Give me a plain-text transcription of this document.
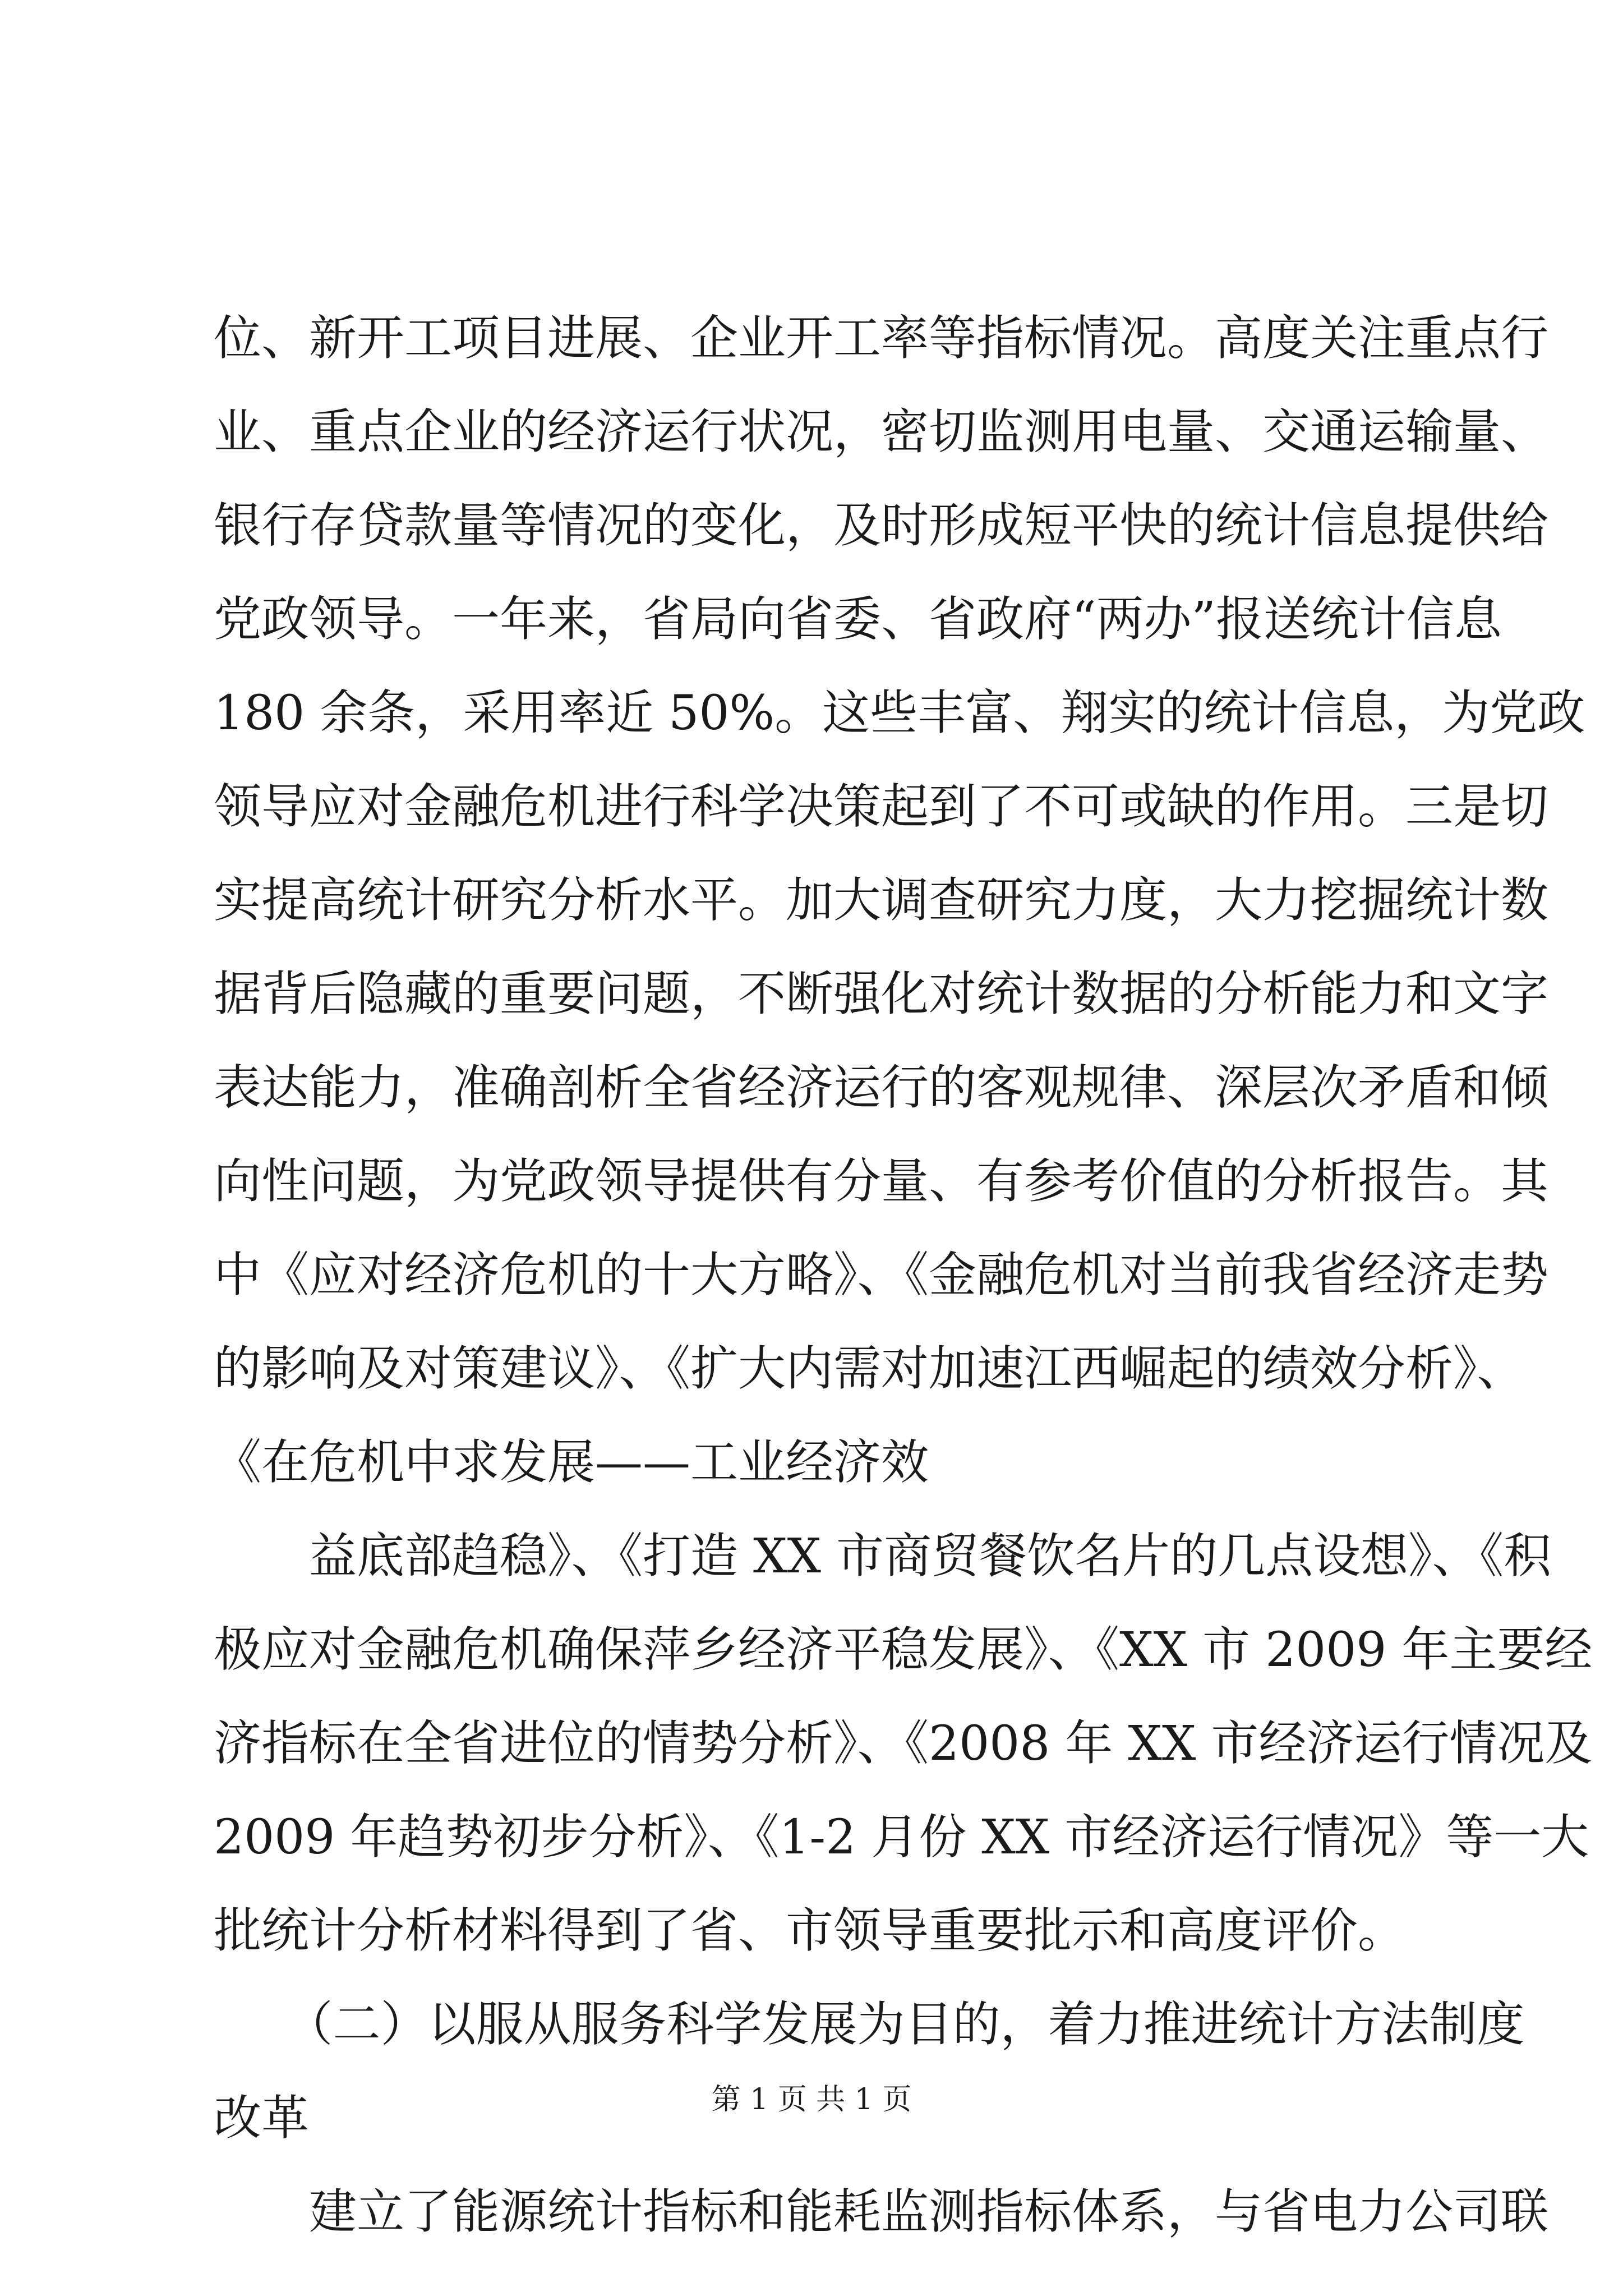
位、新开工项目进展、企业开工率等指标情况。高度关注重点行
业、重点企业的经济运行状况，密切监测用电量、交通运输量、
银行存贷款量等情况的变化，及时形成短平快的统计信息提供给
党政领导。一年来，省局向省委、省政府“两办”报送统计信息
180 余条，采用率近 50%。这些丰富、翔实的统计信息，为党政
领导应对金融危机进行科学决策起到了不可或缺的作用。三是切
实提高统计研究分析水平。加大调查研究力度，大力挖掘统计数
据背后隐藏的重要问题，不断强化对统计数据的分析能力和文字
表达能力，准确剖析全省经济运行的客观规律、深层次矛盾和倾
向性问题，为党政领导提供有分量、有参考价值的分析报告。其
中《应对经济危机的十大方略》、《金融危机对当前我省经济走势
的影响及对策建议》、《扩大内需对加速江西崛起的绩效分析》、
《在危机中求发展——工业经济效
　　益底部趋稳》、《打造 XX 市商贸餐饮名片的几点设想》、《积
极应对金融危机确保萍乡经济平稳发展》、《XX 市 2009 年主要经
济指标在全省进位的情势分析》、《2008 年 XX 市经济运行情况及
2009 年趋势初步分析》、《1-2 月份 XX 市经济运行情况》等一大
批统计分析材料得到了省、市领导重要批示和高度评价。
　　（二）以服从服务科学发展为目的，着力推进统计方法制度
改革
　　建立了能源统计指标和能耗监测指标体系，与省电力公司联
第 1 页 共 1 页
